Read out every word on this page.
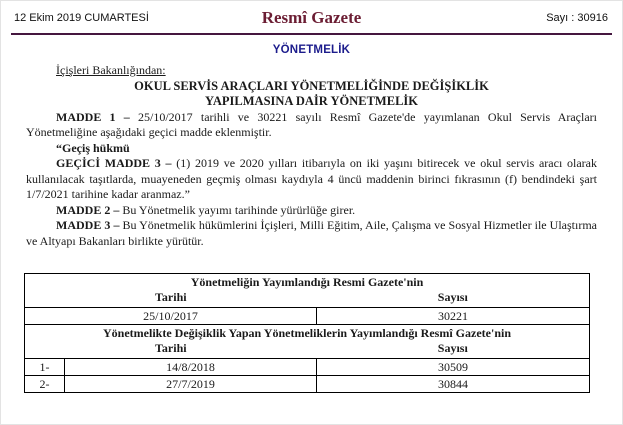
12 Ekim 2019 CUMARTESİ	Resmî Gazete	Sayı : 30916
YÖNETMELİK
İçişleri Bakanlığından:
OKUL SERVİS ARAÇLARI YÖNETMELİĞİNDE DEĞİŞİKLİK
YAPILMASINA DAİR YÖNETMELİK

MADDE 1 – 25/10/2017 tarihli ve 30221 sayılı Resmî Gazete'de yayımlanan Okul Servis Araçları Yönetmeliğine aşağıdaki geçici madde eklenmiştir.

“Geçiş hükmü

GEÇİCİ MADDE 3 – (1) 2019 ve 2020 yılları itibarıyla on iki yaşını bitirecek ve okul servis aracı olarak kullanılacak taşıtlarda, muayeneden geçmiş olması kaydıyla 4 üncü maddenin birinci fıkrasının (f) bendindeki şart 1/7/2021 tarihine kadar aranmaz.”

MADDE 2 – Bu Yönetmelik yayımı tarihinde yürürlüğe girer.

MADDE 3 – Bu Yönetmelik hükümlerini İçişleri, Milli Eğitim, Aile, Çalışma ve Sosyal Hizmetler ile Ulaştırma ve Altyapı Bakanları birlikte yürütür.

Yönetmeliğin Yayımlandığı Resmi Gazete'nin
Tarihi Sayısı		

25/10/2017		30221

Yönetmelikte Değişiklik Yapan Yönetmeliklerin Yayımlandığı Resmî Gazete'nin
Tarihi Sayısı		

1-	14/8/2018	30509
2-	27/7/2019	30844
